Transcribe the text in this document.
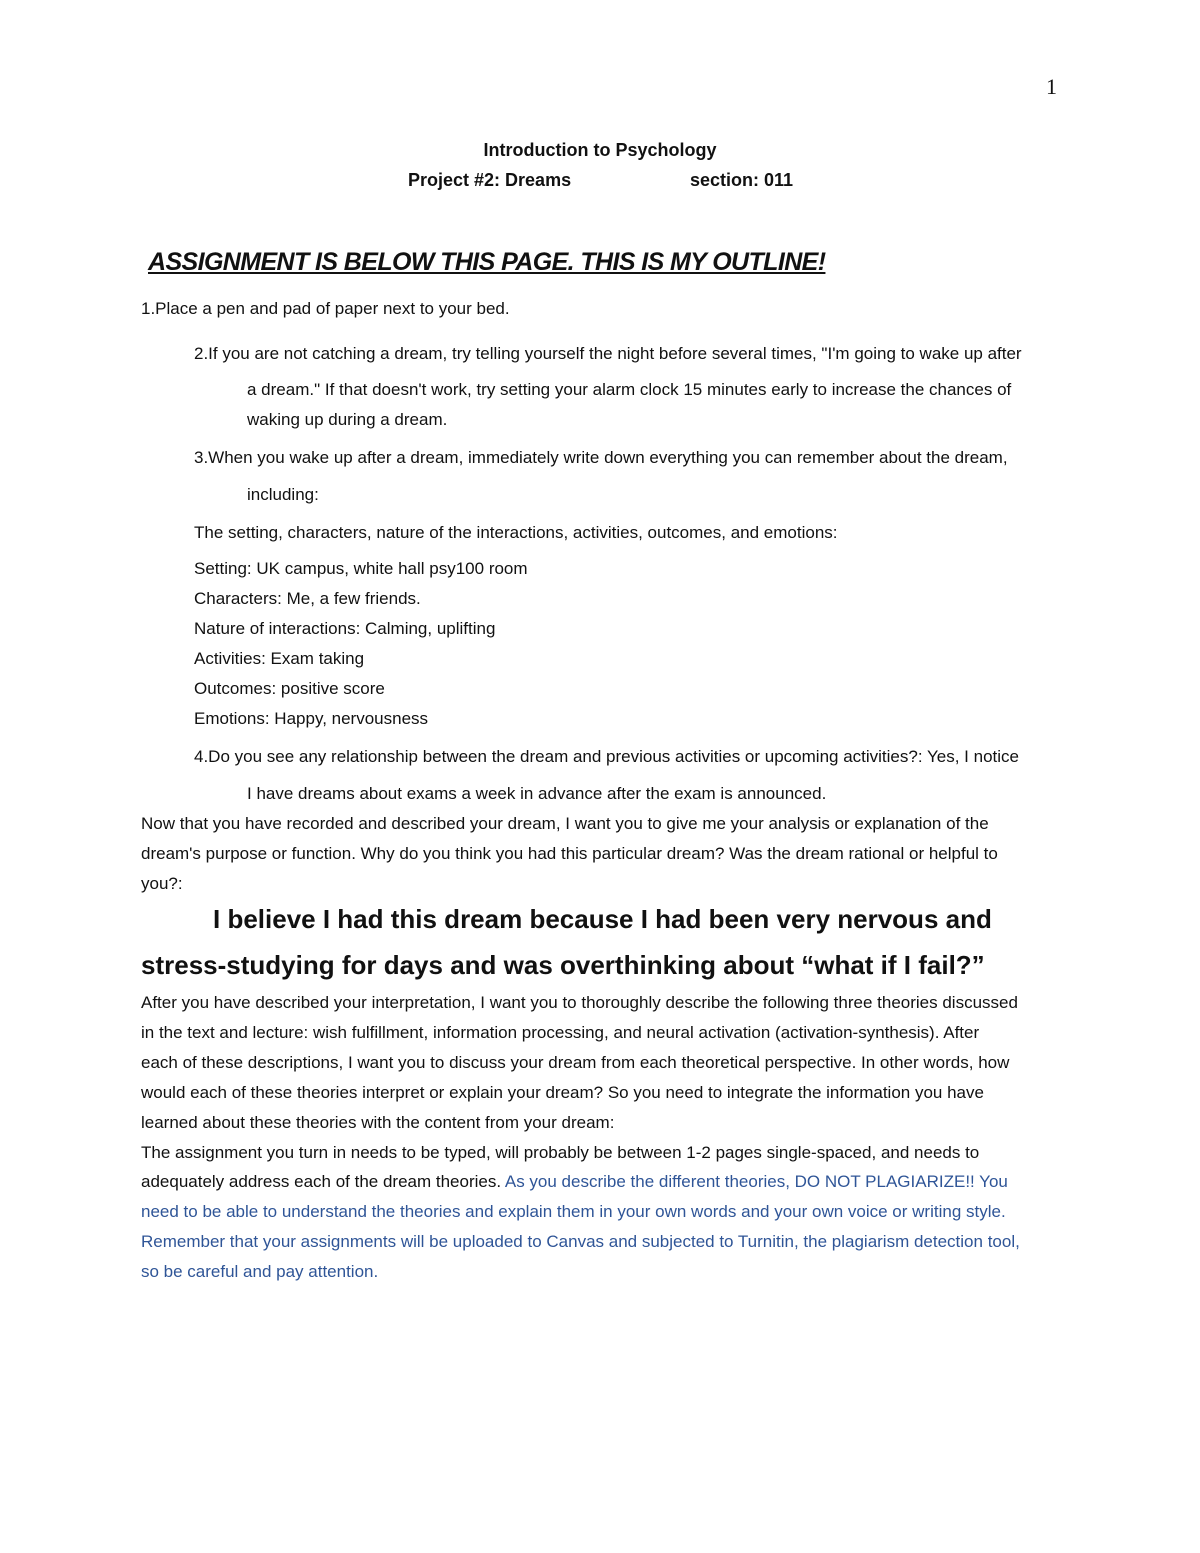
1
Introduction to Psychology
Project #2: Dreams	section: 011
ASSIGNMENT IS BELOW THIS PAGE. THIS IS MY OUTLINE!
1.Place a pen and pad of paper next to your bed.
2.If you are not catching a dream, try telling yourself the night before several times, "I'm going to wake up after
a dream." If that doesn't work, try setting your alarm clock 15 minutes early to increase the chances of
waking up during a dream.
3.When you wake up after a dream, immediately write down everything you can remember about the dream,
including:
The setting, characters, nature of the interactions, activities, outcomes, and emotions:
Setting: UK campus, white hall psy100 room
Characters: Me, a few friends.
Nature of interactions: Calming, uplifting
Activities: Exam taking
Outcomes: positive score
Emotions: Happy, nervousness
4.Do you see any relationship between the dream and previous activities or upcoming activities?: Yes, I notice
I have dreams about exams a week in advance after the exam is announced.
Now that you have recorded and described your dream, I want you to give me your analysis or explanation of the
dream's purpose or function. Why do you think you had this particular dream? Was the dream rational or helpful to
you?:
I believe I had this dream because I had been very nervous and
stress-studying for days and was overthinking about “what if I fail?”
After you have described your interpretation, I want you to thoroughly describe the following three theories discussed
in the text and lecture: wish fulfillment, information processing, and neural activation (activation-synthesis). After
each of these descriptions, I want you to discuss your dream from each theoretical perspective. In other words, how
would each of these theories interpret or explain your dream? So you need to integrate the information you have
learned about these theories with the content from your dream:
The assignment you turn in needs to be typed, will probably be between 1-2 pages single-spaced, and needs to
adequately address each of the dream theories. As you describe the different theories, DO NOT PLAGIARIZE!! You
need to be able to understand the theories and explain them in your own words and your own voice or writing style.
Remember that your assignments will be uploaded to Canvas and subjected to Turnitin, the plagiarism detection tool,
so be careful and pay attention.
